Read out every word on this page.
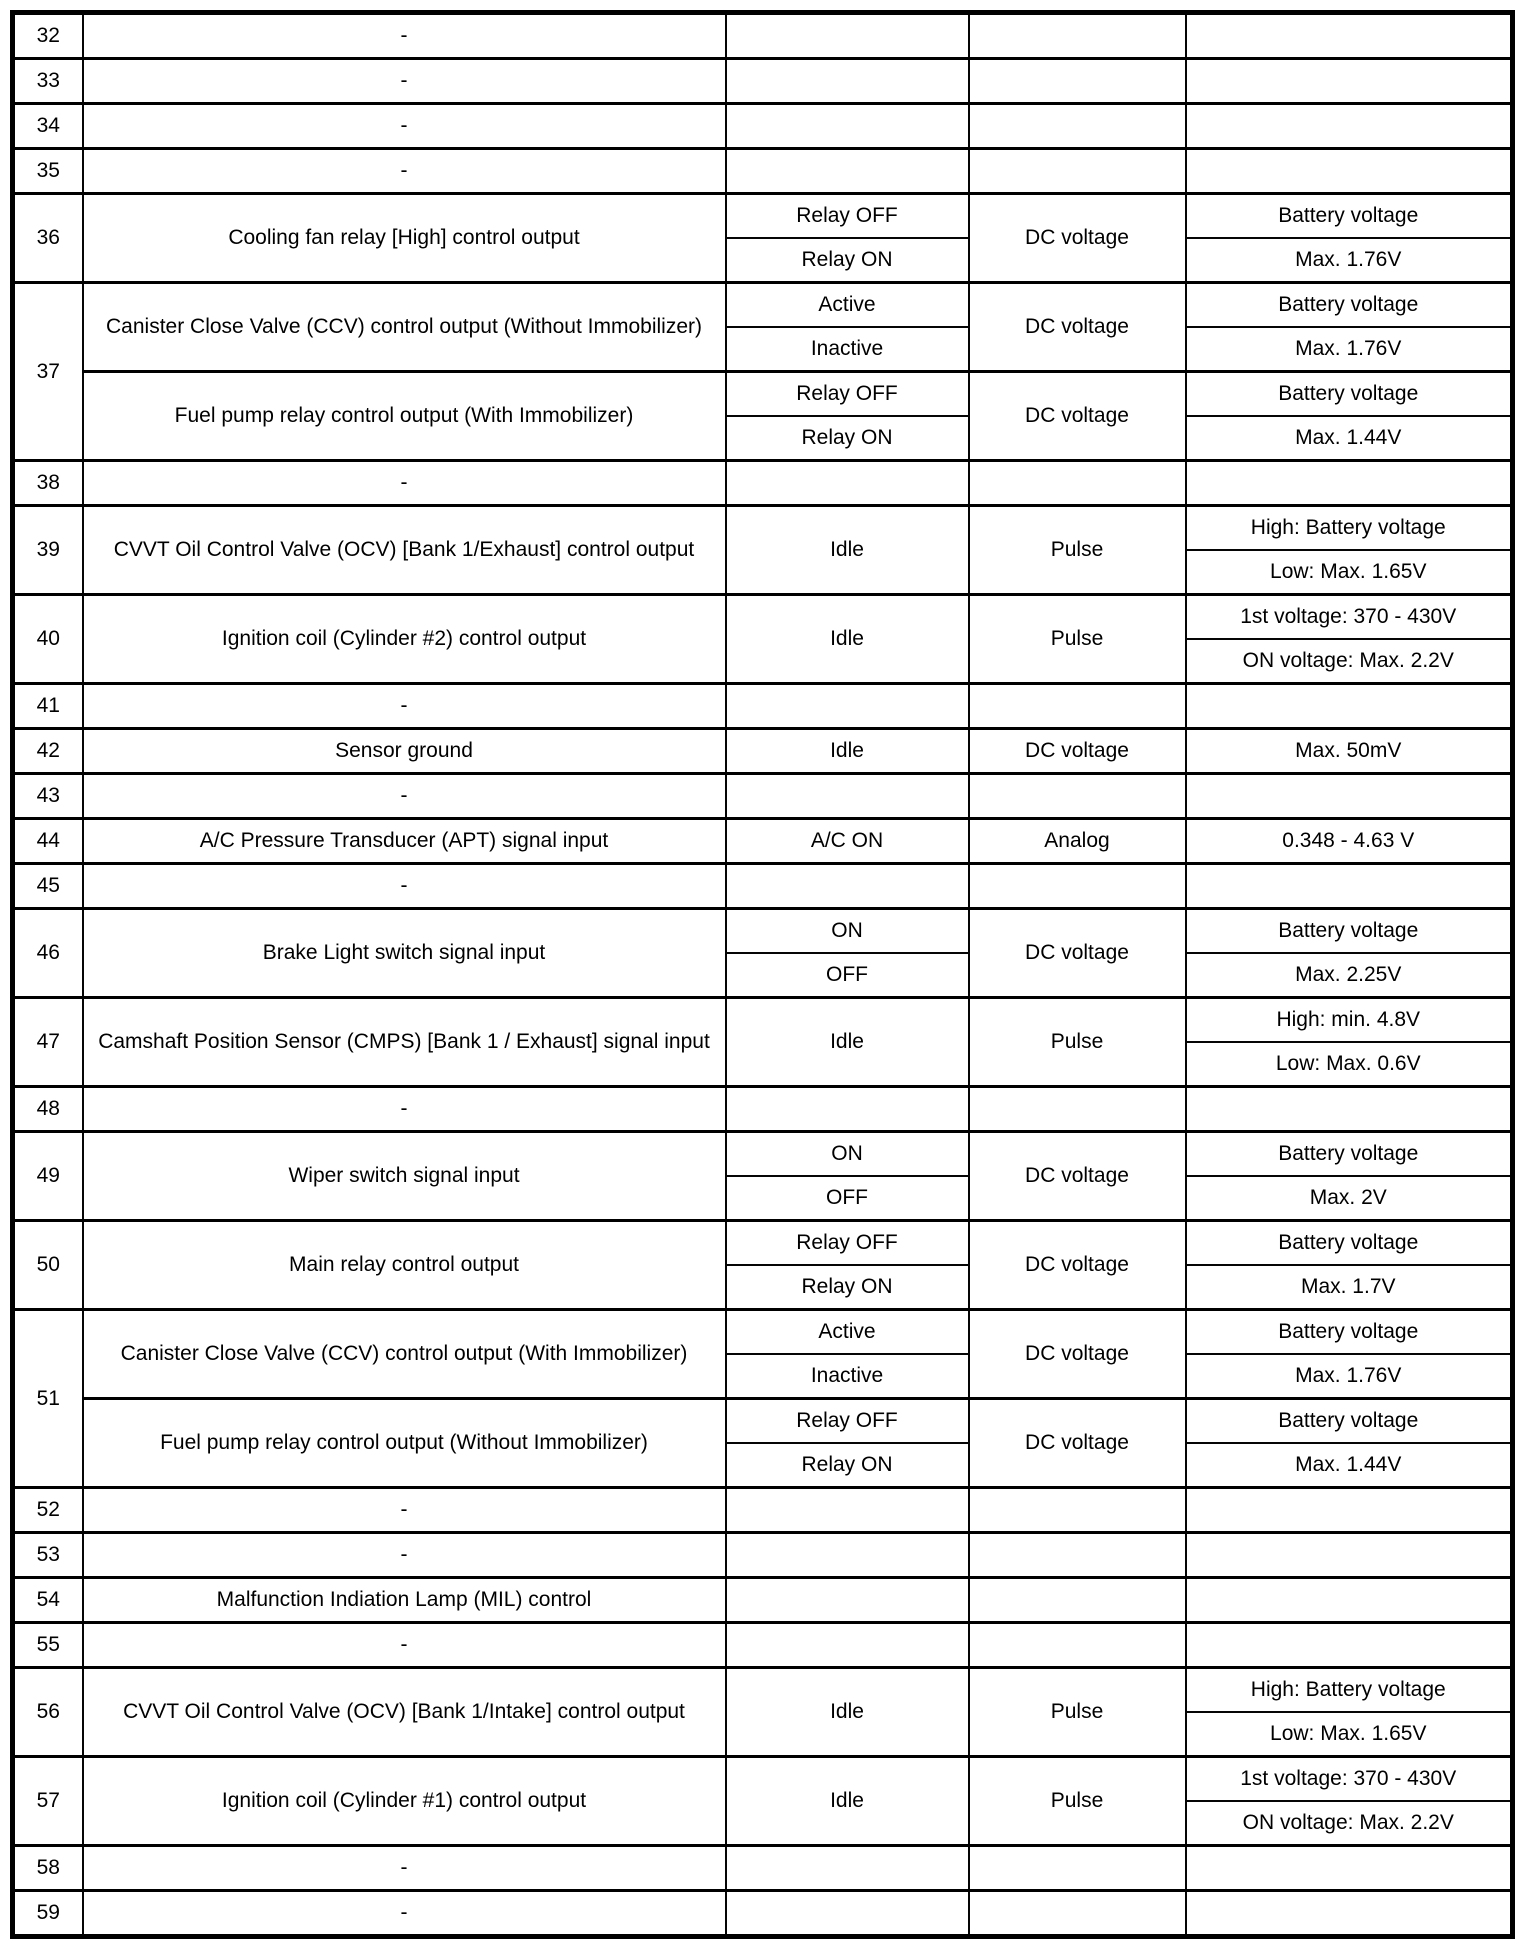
32	-			
33	-			
34	-			
35	-			
36	Cooling fan relay [High] control output	Relay OFF	DC voltage	Battery voltage
		Relay ON		Max. 1.76V
37	Canister Close Valve (CCV) control output (Without Immobilizer)	Active	DC voltage	Battery voltage
		Inactive		Max. 1.76V
	Fuel pump relay control output (With Immobilizer)	Relay OFF	DC voltage	Battery voltage
		Relay ON		Max. 1.44V
38	-			
39	CVVT Oil Control Valve (OCV) [Bank 1/Exhaust] control output	Idle	Pulse	High: Battery voltage
				Low: Max. 1.65V
40	Ignition coil (Cylinder #2) control output	Idle	Pulse	1st voltage: 370 - 430V
				ON voltage: Max. 2.2V
41	-			
42	Sensor ground	Idle	DC voltage	Max. 50mV
43	-			
44	A/C Pressure Transducer (APT) signal input	A/C ON	Analog	0.348 - 4.63 V
45	-			
46	Brake Light switch signal input	ON	DC voltage	Battery voltage
		OFF		Max. 2.25V
47	Camshaft Position Sensor (CMPS) [Bank 1 / Exhaust] signal input	Idle	Pulse	High: min. 4.8V
				Low: Max. 0.6V
48	-			
49	Wiper switch signal input	ON	DC voltage	Battery voltage
		OFF		Max. 2V
50	Main relay control output	Relay OFF	DC voltage	Battery voltage
		Relay ON		Max. 1.7V
51	Canister Close Valve (CCV) control output (With Immobilizer)	Active	DC voltage	Battery voltage
		Inactive		Max. 1.76V
	Fuel pump relay control output (Without Immobilizer)	Relay OFF	DC voltage	Battery voltage
		Relay ON		Max. 1.44V
52	-			
53	-			
54	Malfunction Indiation Lamp (MIL) control			
55	-			
56	CVVT Oil Control Valve (OCV) [Bank 1/Intake] control output	Idle	Pulse	High: Battery voltage
				Low: Max. 1.65V
57	Ignition coil (Cylinder #1) control output	Idle	Pulse	1st voltage: 370 - 430V
				ON voltage: Max. 2.2V
58	-			
59	-			
